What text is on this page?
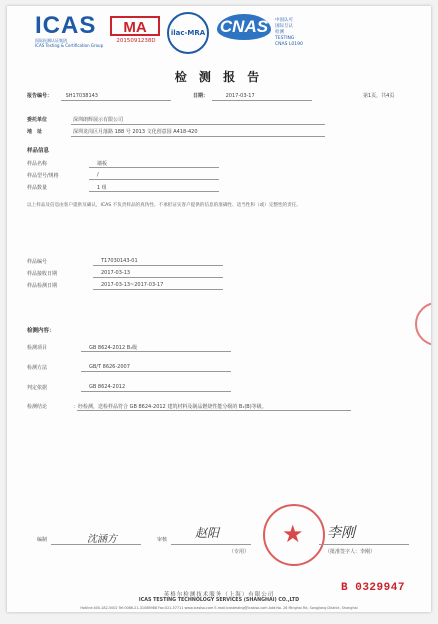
ICAS
国际检测认证集团
ICAS Testing & Certification Group
MA
2015091238D
ilac-MRA CNAS	中国认可
国际互认
检测
TESTING
CNAS L0190
检 测 报 告
报告编号：	SH17038143	日期：	2017-03-17	第1页，共4页
委托单位	深圳朗辉展示有限公司
地　址	深圳龙岗区月落路 188 号 2013 文化创意园 A418-420
样品信息
样品名称	墙板
样品型号/规格	/
样品数量	1 组
以上样品及信息由客户提供及确认，ICAS 不负责样品的真伪性、不承担证实客户提供的信息的准确性、适当性和（或）完整性的责任。
样品编号	T17030143-01
样品接收日期	2017-03-13
样品检测日期	2017-03-13~2017-03-17
检测内容：
检测项目	GB 8624-2012 B₁级
检测方法	GB/T 8626-2007
判定依据	GB 8624-2012
检测结论	：经检测，送检样品符合 GB 8624-2012 建筑材料及制品燃烧性能分级的 B₁(B)等级。
编制	沈涵方	审核 赵阳
（专用）
★ 李刚
（批准签字人：李刚）
英格尔检测技术服务（上海）有限公司
ICAS TESTING TECHNOLOGY SERVICES (SHANGHAI) CO.,LTD
Hotline:400-182-5002 Tel:0086-21-31088988 Fax:021-57711 www.icasiso.com E-mail:icastesting@icasiso.com Add:No. 26 Minghai Rd, Songjiang District, Shanghai
B 0329947
